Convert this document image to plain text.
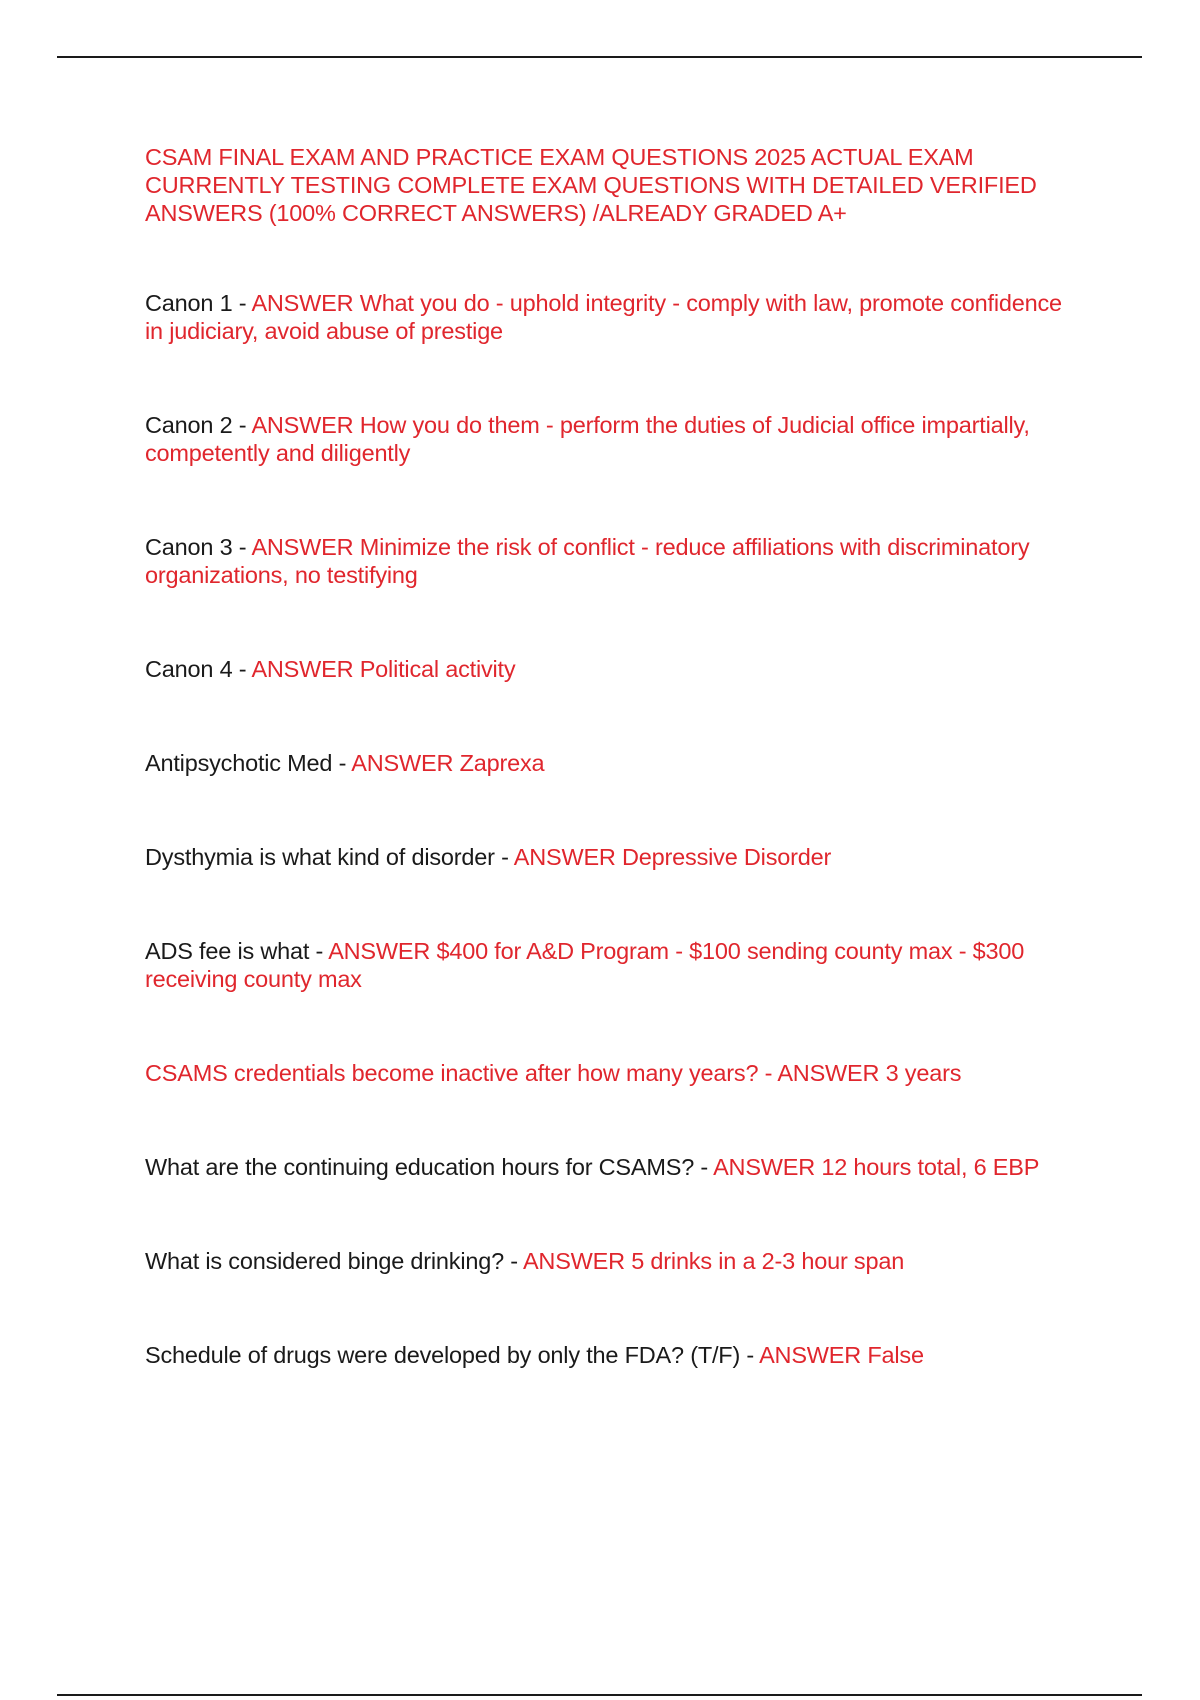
CSAM FINAL EXAM AND PRACTICE EXAM QUESTIONS 2025 ACTUAL EXAM CURRENTLY TESTING COMPLETE EXAM QUESTIONS WITH DETAILED VERIFIED ANSWERS (100% CORRECT ANSWERS) /ALREADY GRADED A+

Canon 1 - ANSWER What you do - uphold integrity - comply with law, promote confidence in judiciary, avoid abuse of prestige

Canon 2 - ANSWER How you do them - perform the duties of Judicial office impartially, competently and diligently

Canon 3 - ANSWER Minimize the risk of conflict - reduce affiliations with discriminatory organizations, no testifying

Canon 4 - ANSWER Political activity

Antipsychotic Med - ANSWER Zaprexa

Dysthymia is what kind of disorder - ANSWER Depressive Disorder

ADS fee is what - ANSWER $400 for A&D Program - $100 sending county max - $300 receiving county max

CSAMS credentials become inactive after how many years? - ANSWER 3 years

What are the continuing education hours for CSAMS? - ANSWER 12 hours total, 6 EBP

What is considered binge drinking? - ANSWER 5 drinks in a 2-3 hour span

Schedule of drugs were developed by only the FDA? (T/F) - ANSWER False
